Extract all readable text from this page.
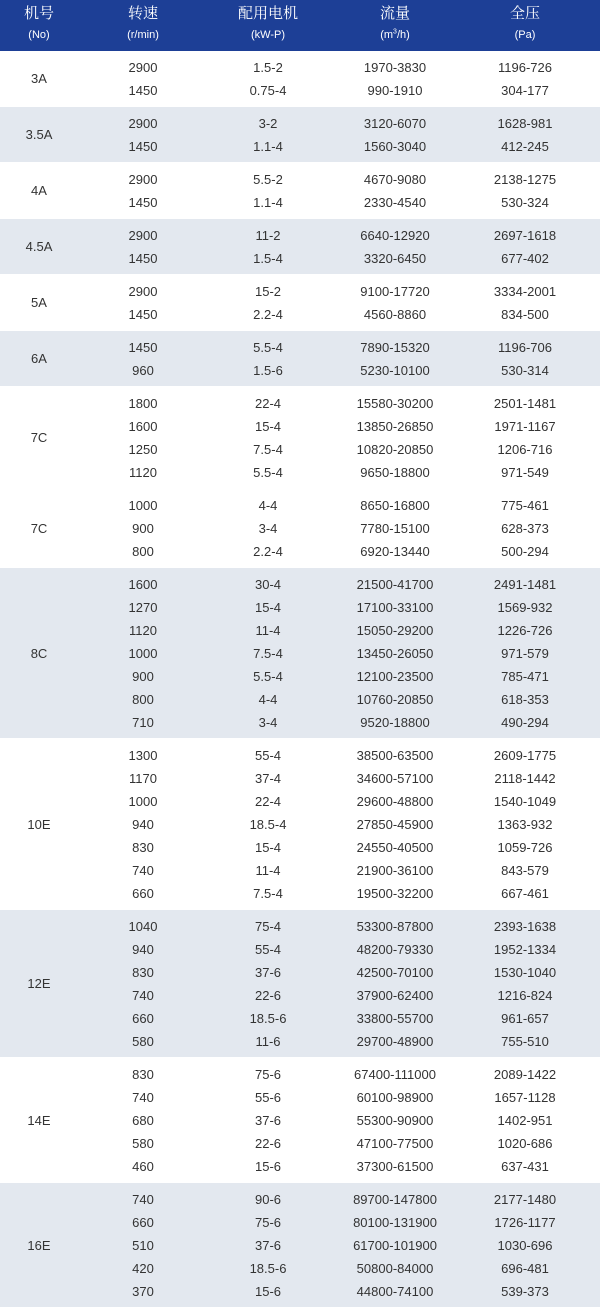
机号
(No)
转速
(r/min)
配用电机
(kW-P)
流量
$(m^3/h)$
全压
(Pa)
3A
2900	1.5-2	1970-3830	1196-726
1450	0.75-4	990-1910	304-177
3.5A
2900	3-2	3120-6070	1628-981
1450	1.1-4	1560-3040	412-245
4A
2900	5.5-2	4670-9080	2138-1275
1450	1.1-4	2330-4540	530-324
4.5A
2900	11-2	6640-12920	2697-1618
1450	1.5-4	3320-6450	677-402
5A
2900	15-2	9100-17720	3334-2001
1450	2.2-4	4560-8860	834-500
6A
1450	5.5-4	7890-15320	1196-706
960	1.5-6	5230-10100	530-314
7C
1800	22-4	15580-30200	2501-1481
1600	15-4	13850-26850	1971-1167
1250	7.5-4	10820-20850	1206-716
1120	5.5-4	9650-18800	971-549
7C
1000	4-4	8650-16800	775-461
900	3-4	7780-15100	628-373
800	2.2-4	6920-13440	500-294
8C
1600	30-4	21500-41700	2491-1481
1270	15-4	17100-33100	1569-932
1120	11-4	15050-29200	1226-726
1000	7.5-4	13450-26050	971-579
900	5.5-4	12100-23500	785-471
800	4-4	10760-20850	618-353
710	3-4	9520-18800	490-294
10E
1300	55-4	38500-63500	2609-1775
1170	37-4	34600-57100	2118-1442
1000	22-4	29600-48800	1540-1049
940	18.5-4	27850-45900	1363-932
830	15-4	24550-40500	1059-726
740	11-4	21900-36100	843-579
660	7.5-4	19500-32200	667-461
12E
1040	75-4	53300-87800	2393-1638
940	55-4	48200-79330	1952-1334
830	37-6	42500-70100	1530-1040
740	22-6	37900-62400	1216-824
660	18.5-6	33800-55700	961-657
580	11-6	29700-48900	755-510
14E
830	75-6	67400-111000	2089-1422
740	55-6	60100-98900	1657-1128
680	37-6	55300-90900	1402-951
580	22-6	47100-77500	1020-686
460	15-6	37300-61500	637-431
16E
740	90-6	89700-147800	2177-1480
660	75-6	80100-131900	1726-1177
510	37-6	61700-101900	1030-696
420	18.5-6	50800-84000	696-481
370	15-6	44800-74100	539-373
